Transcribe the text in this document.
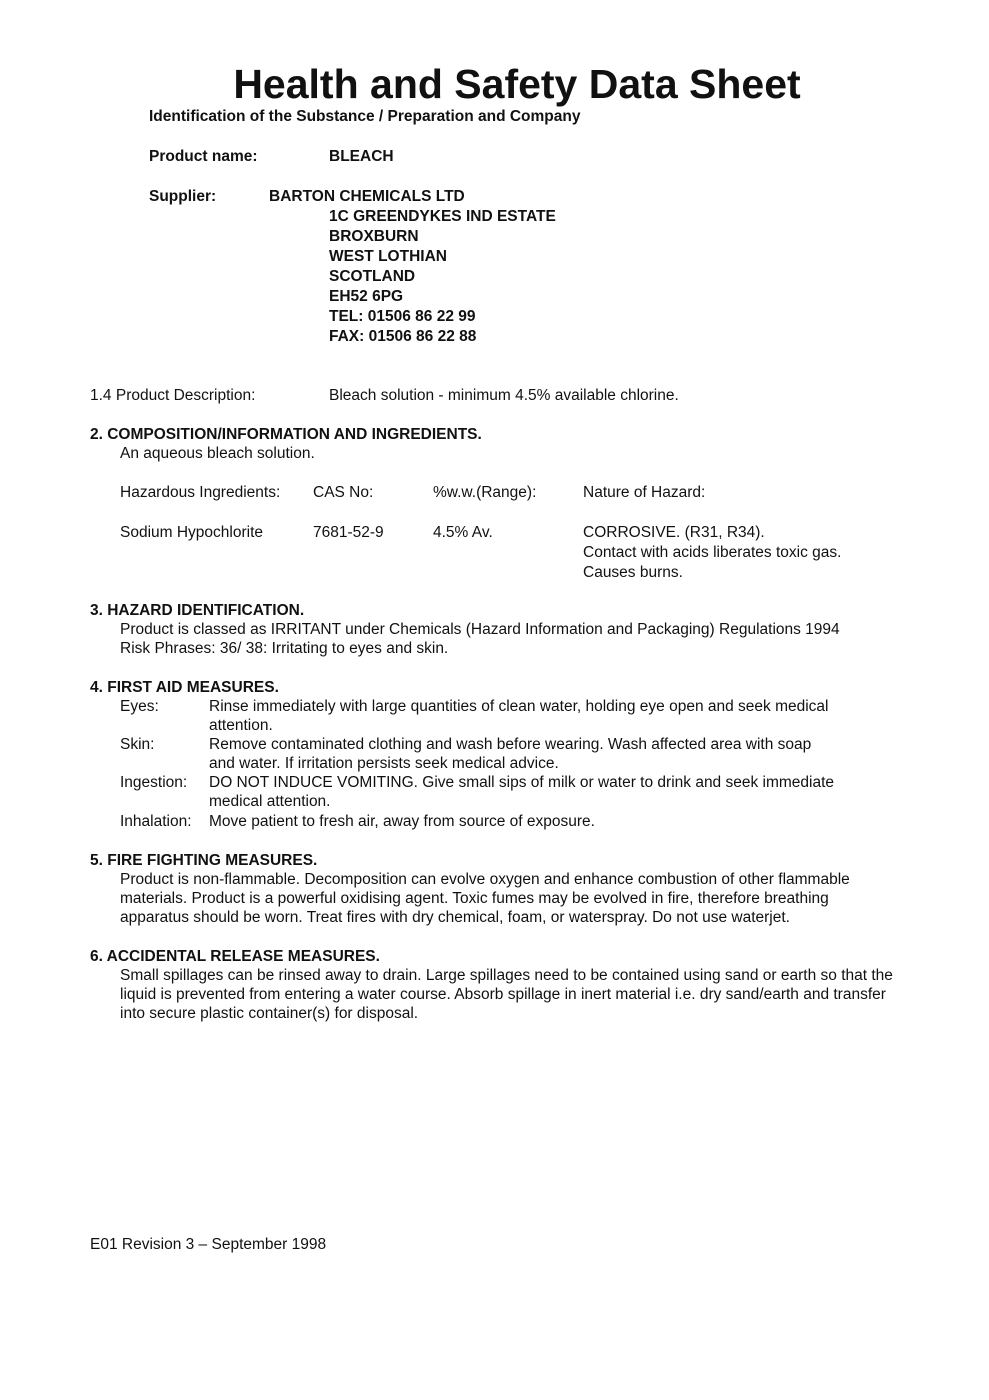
Health and Safety Data Sheet
Identification of the Substance / Preparation and Company
Product name:	BLEACH
Supplier:	BARTON CHEMICALS LTD
1C GREENDYKES IND ESTATE
BROXBURN
WEST LOTHIAN
SCOTLAND
EH52 6PG
TEL: 01506 86 22 99
FAX: 01506 86 22 88
1.4 Product Description:	Bleach solution - minimum 4.5% available chlorine.
2. COMPOSITION/INFORMATION AND INGREDIENTS.
An aqueous bleach solution.
Hazardous Ingredients: CAS No:	%w.w.(Range):	Nature of Hazard:
Sodium Hypochlorite	7681-52-9	4.5% Av.	CORROSIVE. (R31, R34).
Contact with acids liberates toxic gas.
Causes burns.
3. HAZARD IDENTIFICATION.
Product is classed as IRRITANT under Chemicals (Hazard Information and Packaging) Regulations 1994
Risk Phrases: 36/ 38: Irritating to eyes and skin.
4. FIRST AID MEASURES.
Eyes:	Rinse immediately with large quantities of clean water, holding eye open and seek medical
attention.
Skin:	Remove contaminated clothing and wash before wearing. Wash affected area with soap
and water. If irritation persists seek medical advice.
Ingestion: DO NOT INDUCE VOMITING. Give small sips of milk or water to drink and seek immediate
medical attention.
Inhalation: Move patient to fresh air, away from source of exposure.
5. FIRE FIGHTING MEASURES.
Product is non-flammable. Decomposition can evolve oxygen and enhance combustion of other flammable
materials. Product is a powerful oxidising agent. Toxic fumes may be evolved in fire, therefore breathing
apparatus should be worn. Treat fires with dry chemical, foam, or waterspray. Do not use waterjet.
6. ACCIDENTAL RELEASE MEASURES.
Small spillages can be rinsed away to drain. Large spillages need to be contained using sand or earth so that the
liquid is prevented from entering a water course. Absorb spillage in inert material i.e. dry sand/earth and transfer
into secure plastic container(s) for disposal.
E01 Revision 3 – September 1998
